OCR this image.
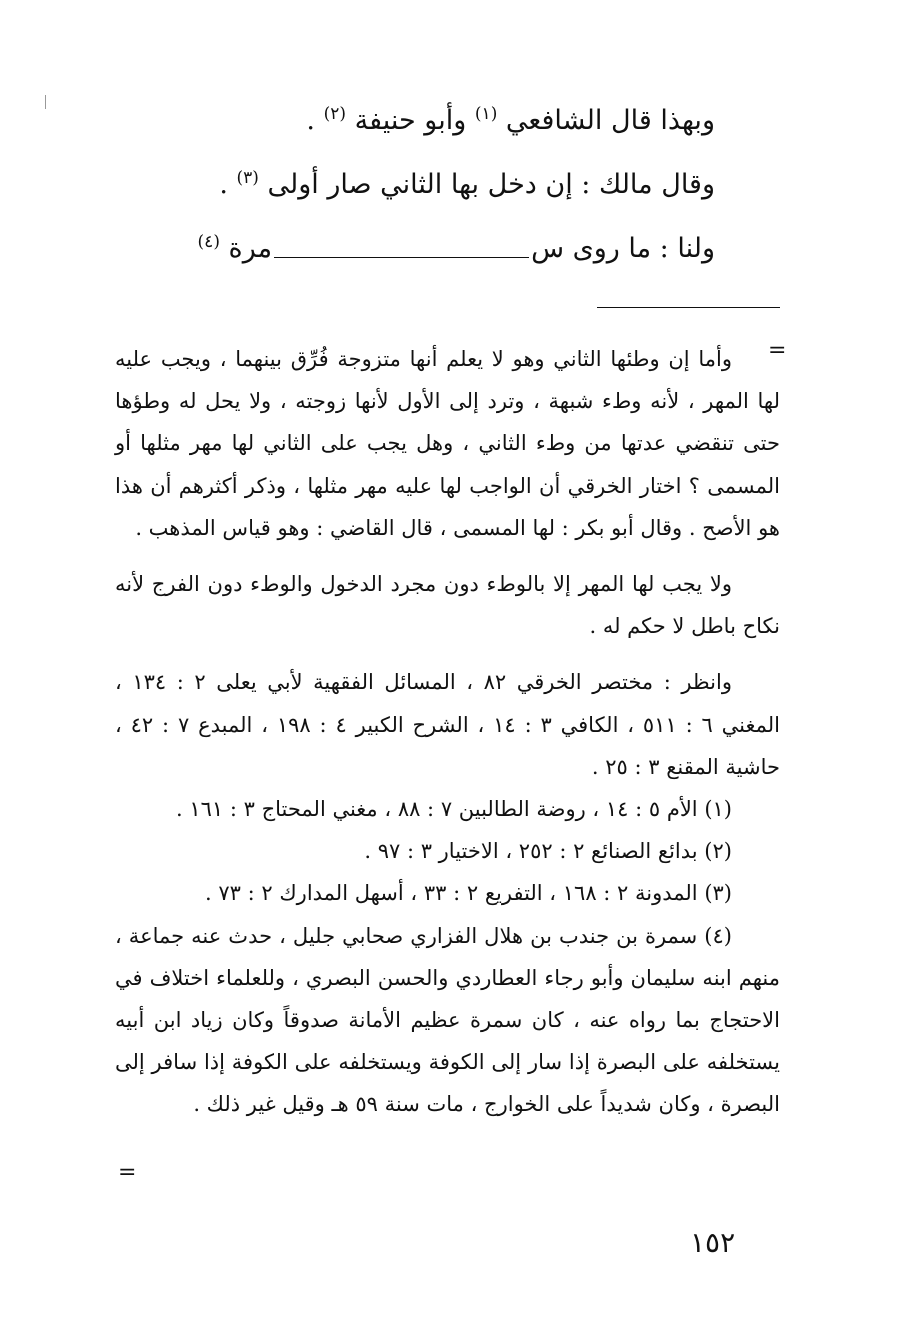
وبهذا قال الشافعي $^{(١)}$ وأبو حنيفة $^{(٢)}$ .
وقال مالك : إن دخل بها الثاني صار أولى $^{(٣)}$ .
ولنا : ما روى سمرة $^{(٤)}$
=

وأما إن وطئها الثاني وهو لا يعلم أنها متزوجة فُرِّق بينهما ، ويجب عليه لها المهر ، لأنه وطء شبهة ، وترد إلى الأول لأنها زوجته ، ولا يحل له وطؤها حتى تنقضي عدتها من وطء الثاني ، وهل يجب على الثاني لها مهر مثلها أو المسمى ؟ اختار الخرقي أن الواجب لها عليه مهر مثلها ، وذكر أكثرهم أن هذا هو الأصح . وقال أبو بكر : لها المسمى ، قال القاضي : وهو قياس المذهب .

ولا يجب لها المهر إلا بالوطء دون مجرد الدخول والوطء دون الفرج لأنه نكاح باطل لا حكم له .

وانظر : مختصر الخرقي ٨٢ ، المسائل الفقهية لأبي يعلى ٢ : ١٣٤ ، المغني ٦ : ٥١١ ، الكافي ٣ : ١٤ ، الشرح الكبير ٤ : ١٩٨ ، المبدع ٧ : ٤٢ ، حاشية المقنع ٣ : ٢٥ .

(١) الأم ٥ : ١٤ ، روضة الطالبين ٧ : ٨٨ ، مغني المحتاج ٣ : ١٦١ .

(٢) بدائع الصنائع ٢ : ٢٥٢ ، الاختيار ٣ : ٩٧ .

(٣) المدونة ٢ : ١٦٨ ، التفريع ٢ : ٣٣ ، أسهل المدارك ٢ : ٧٣ .

(٤) سمرة بن جندب بن هلال الفزاري صحابي جليل ، حدث عنه جماعة ، منهم ابنه سليمان وأبو رجاء العطاردي والحسن البصري ، وللعلماء اختلاف في الاحتجاج بما رواه عنه ، كان سمرة عظيم الأمانة صدوقاً وكان زياد ابن أبيه يستخلفه على البصرة إذا سار إلى الكوفة ويستخلفه على الكوفة إذا سافر إلى البصرة ، وكان شديداً على الخوارج ، مات سنة ٥٩ هـ وقيل غير ذلك .

=
١٥٢
